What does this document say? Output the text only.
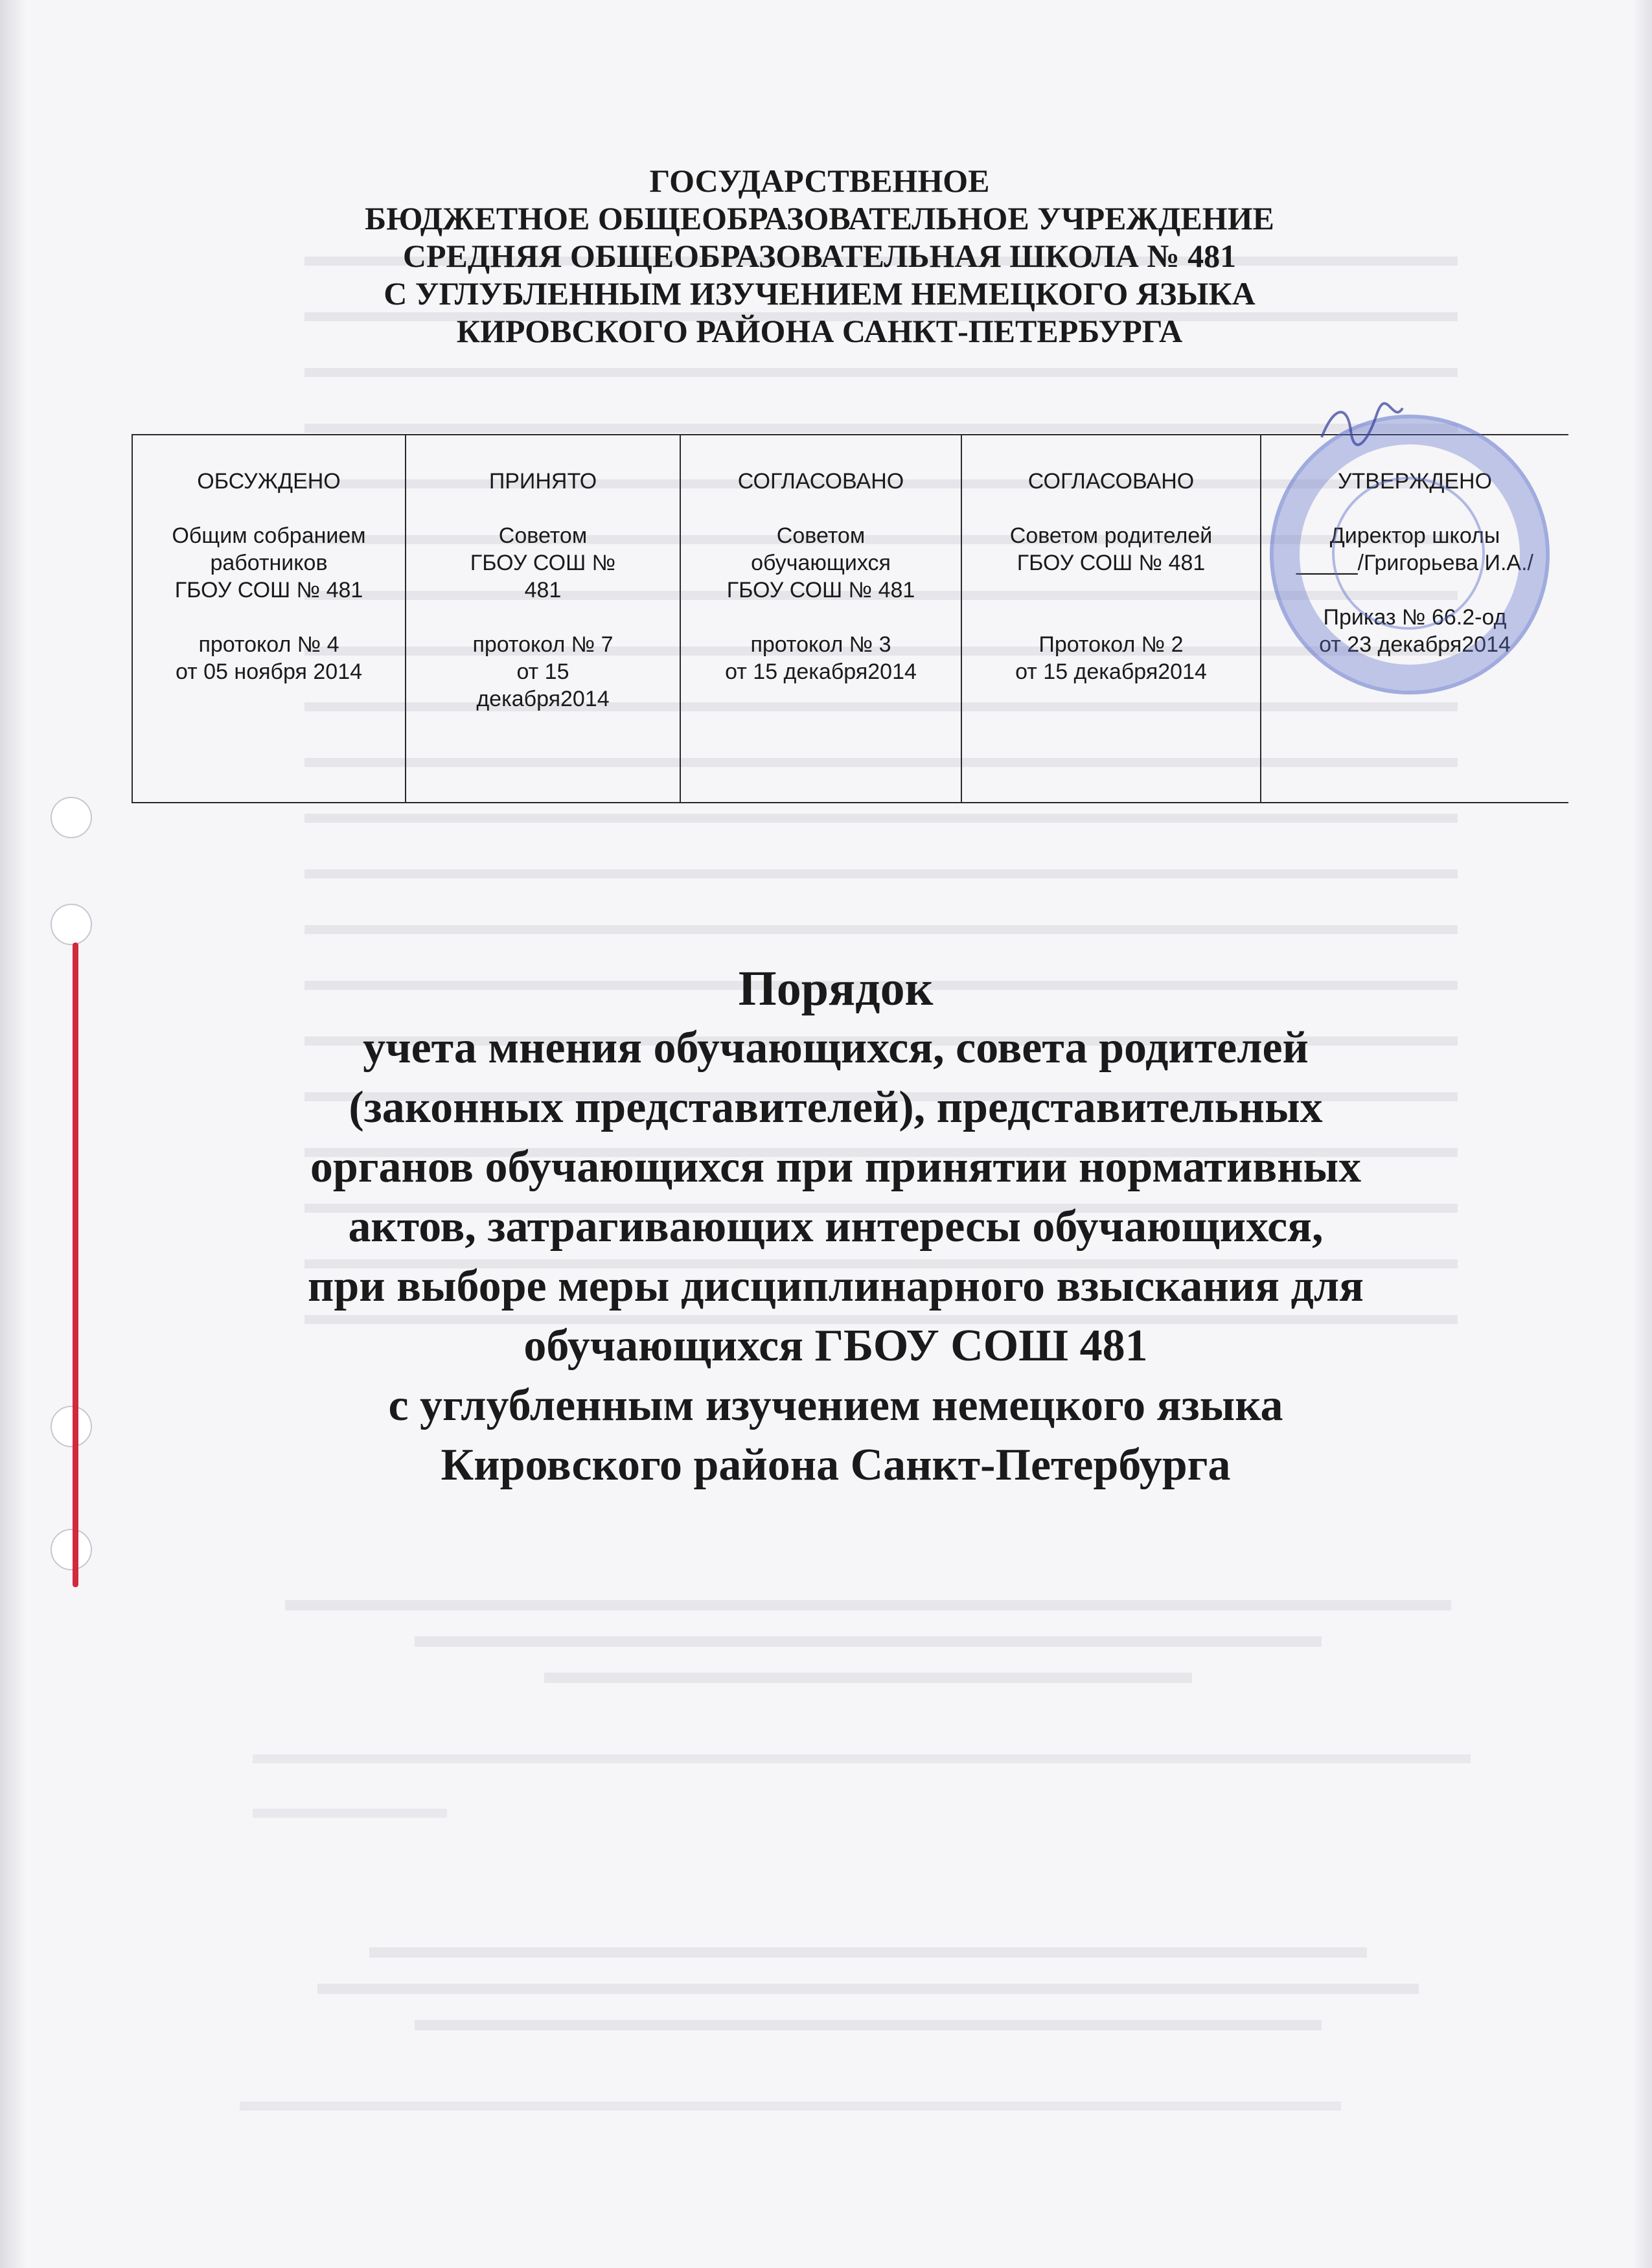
ГОСУДАРСТВЕННОЕ
БЮДЖЕТНОЕ ОБЩЕОБРАЗОВАТЕЛЬНОЕ УЧРЕЖДЕНИЕ
СРЕДНЯЯ ОБЩЕОБРАЗОВАТЕЛЬНАЯ ШКОЛА № 481
С УГЛУБЛЕННЫМ ИЗУЧЕНИЕМ НЕМЕЦКОГО ЯЗЫКА
КИРОВСКОГО РАЙОНА САНКТ-ПЕТЕРБУРГА
ОБСУЖДЕНО
Общим собранием
работников
ГБОУ СОШ № 481
протокол № 4
от 05 ноября 2014

ПРИНЯТО
Советом
ГБОУ СОШ №
481
протокол № 7
от 15
декабря2014

СОГЛАСОВАНО
Советом
обучающихся
ГБОУ СОШ № 481
протокол № 3
от 15 декабря2014

СОГЛАСОВАНО
Советом родителей
ГБОУ СОШ № 481
Протокол № 2
от 15 декабря2014

УТВЕРЖДЕНО
Директор школы
_____/Григорьева И.А./
Приказ № 66.2-од
от 23 декабря2014
Порядок
учета мнения обучающихся, совета родителей
(законных представителей), представительных
органов обучающихся при принятии нормативных
актов, затрагивающих интересы обучающихся,
при выборе меры дисциплинарного взыскания для
обучающихся ГБОУ СОШ 481
с углубленным изучением немецкого языка
Кировского района Санкт-Петербурга
